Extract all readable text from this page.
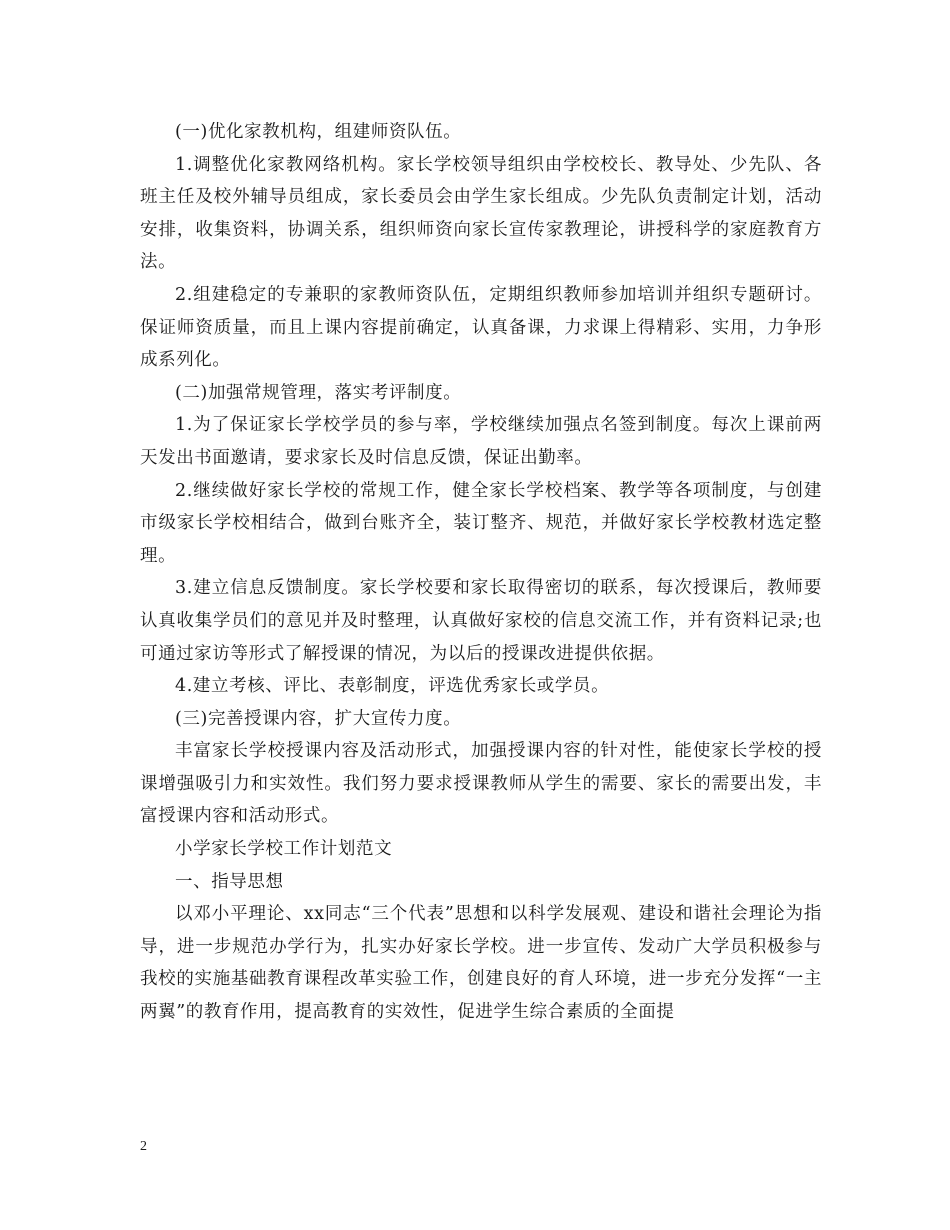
(一)优化家教机构，组建师资队伍。

1.调整优化家教网络机构。家长学校领导组织由学校校长、教导处、少先队、各班主任及校外辅导员组成，家长委员会由学生家长组成。少先队负责制定计划，活动安排，收集资料，协调关系，组织师资向家长宣传家教理论，讲授科学的家庭教育方法。

2.组建稳定的专兼职的家教师资队伍，定期组织教师参加培训并组织专题研讨。保证师资质量，而且上课内容提前确定，认真备课，力求课上得精彩、实用，力争形成系列化。

(二)加强常规管理，落实考评制度。

1.为了保证家长学校学员的参与率，学校继续加强点名签到制度。每次上课前两天发出书面邀请，要求家长及时信息反馈，保证出勤率。

2.继续做好家长学校的常规工作，健全家长学校档案、教学等各项制度，与创建市级家长学校相结合，做到台账齐全，装订整齐、规范，并做好家长学校教材选定整理。

3.建立信息反馈制度。家长学校要和家长取得密切的联系，每次授课后，教师要认真收集学员们的意见并及时整理，认真做好家校的信息交流工作，并有资料记录;也可通过家访等形式了解授课的情况，为以后的授课改进提供依据。

4.建立考核、评比、表彰制度，评选优秀家长或学员。

(三)完善授课内容，扩大宣传力度。

丰富家长学校授课内容及活动形式，加强授课内容的针对性，能使家长学校的授课增强吸引力和实效性。我们努力要求授课教师从学生的需要、家长的需要出发，丰富授课内容和活动形式。

小学家长学校工作计划范文

一、指导思想

以邓小平理论、xx同志“三个代表”思想和以科学发展观、建设和谐社会理论为指导，进一步规范办学行为，扎实办好家长学校。进一步宣传、发动广大学员积极参与我校的实施基础教育课程改革实验工作，创建良好的育人环境，进一步充分发挥“一主两翼”的教育作用，提高教育的实效性，促进学生综合素质的全面提

2
